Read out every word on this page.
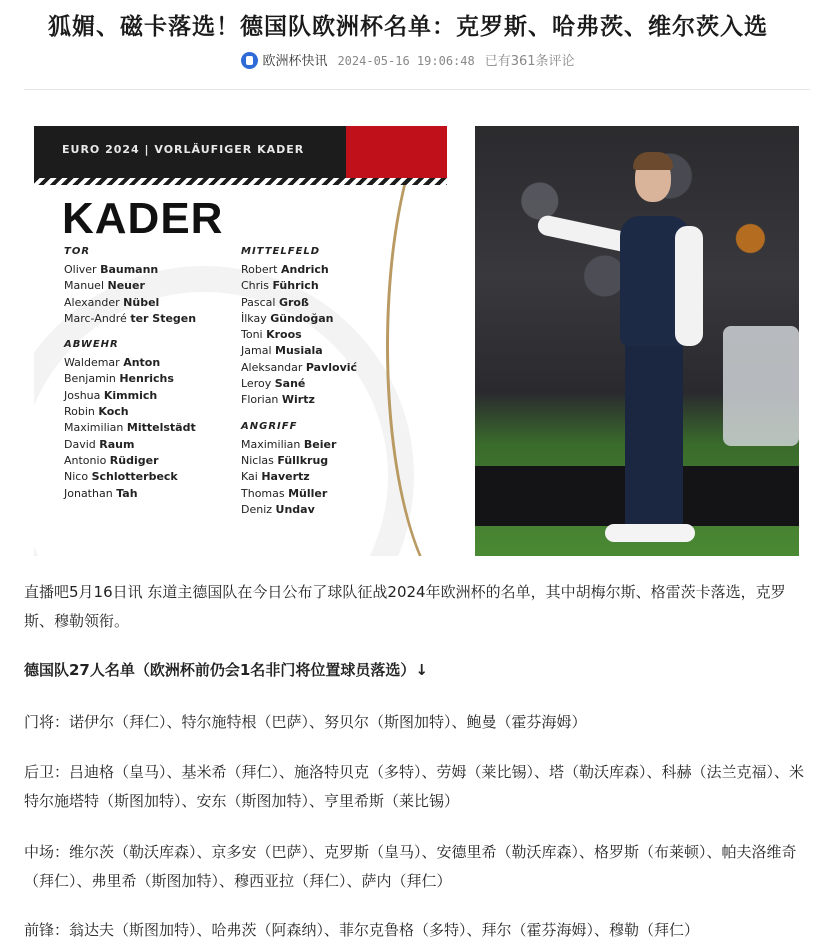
狐媚、磁卡落选！德国队欧洲杯名单：克罗斯、哈弗茨、维尔茨入选
欧洲杯快讯 2024-05-16 19:06:48 已有361条评论
EURO 2024 | VORLÄUFIGER KADER
KADER
TOR
Oliver Baumann
Manuel Neuer
Alexander Nübel
Marc-André ter Stegen
ABWEHR
Waldemar Anton
Benjamin Henrichs
Joshua Kimmich
Robin Koch
Maximilian Mittelstädt
David Raum
Antonio Rüdiger
Nico Schlotterbeck
Jonathan Tah
MITTELFELD
Robert Andrich
Chris Führich
Pascal Groß
İlkay Gündoğan
Toni Kroos
Jamal Musiala
Aleksandar Pavlović
Leroy Sané
Florian Wirtz
ANGRIFF
Maximilian Beier
Niclas Füllkrug
Kai Havertz
Thomas Müller
Deniz Undav

直播吧5月16日讯 东道主德国队在今日公布了球队征战2024年欧洲杯的名单，其中胡梅尔斯、格雷茨卡落选，克罗斯、穆勒领衔。

德国队27人名单（欧洲杯前仍会1名非门将位置球员落选）↓

门将：诺伊尔（拜仁）、特尔施特根（巴萨）、努贝尔（斯图加特）、鲍曼（霍芬海姆）

后卫：吕迪格（皇马）、基米希（拜仁）、施洛特贝克（多特）、劳姆（莱比锡）、塔（勒沃库森）、科赫（法兰克福）、米特尔施塔特（斯图加特）、安东（斯图加特）、亨里希斯（莱比锡）

中场：维尔茨（勒沃库森）、京多安（巴萨）、克罗斯（皇马）、安德里希（勒沃库森）、格罗斯（布莱顿）、帕夫洛维奇（拜仁）、弗里希（斯图加特）、穆西亚拉（拜仁）、萨内（拜仁）

前锋：翁达夫（斯图加特）、哈弗茨（阿森纳）、菲尔克鲁格（多特）、拜尔（霍芬海姆）、穆勒（拜仁）
